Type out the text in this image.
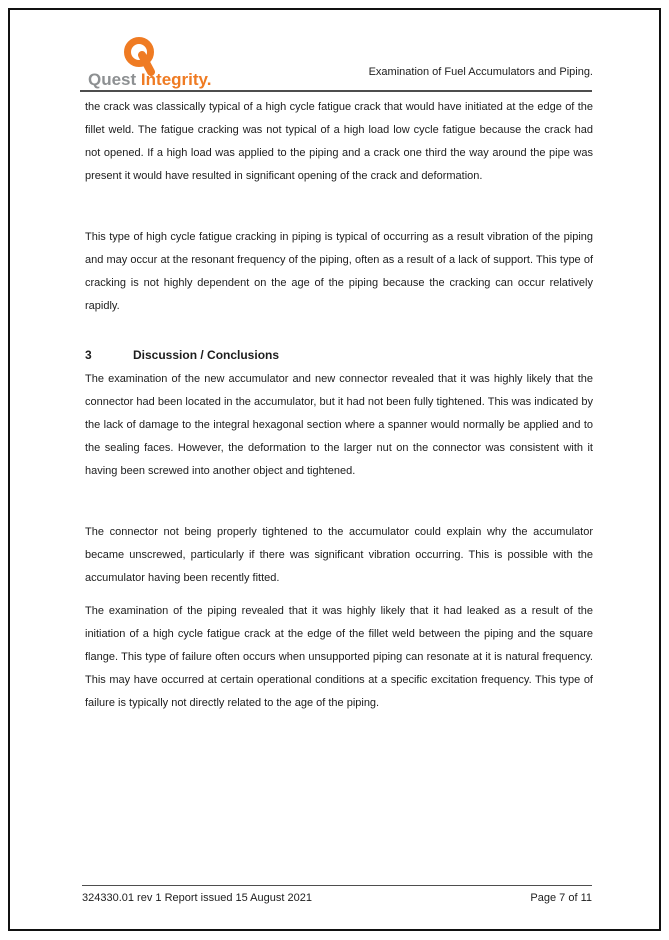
Quest Integrity.	Examination of Fuel Accumulators and Piping.
the crack was classically typical of a high cycle fatigue crack that would have initiated at the edge of the fillet weld. The fatigue cracking was not typical of a high load low cycle fatigue because the crack had not opened. If a high load was applied to the piping and a crack one third the way around the pipe was present it would have resulted in significant opening of the crack and deformation.
This type of high cycle fatigue cracking in piping is typical of occurring as a result vibration of the piping and may occur at the resonant frequency of the piping, often as a result of a lack of support. This type of cracking is not highly dependent on the age of the piping because the cracking can occur relatively rapidly.
3	Discussion / Conclusions
The examination of the new accumulator and new connector revealed that it was highly likely that the connector had been located in the accumulator, but it had not been fully tightened. This was indicated by the lack of damage to the integral hexagonal section where a spanner would normally be applied and to the sealing faces. However, the deformation to the larger nut on the connector was consistent with it having been screwed into another object and tightened.
The connector not being properly tightened to the accumulator could explain why the accumulator became unscrewed, particularly if there was significant vibration occurring. This is possible with the accumulator having been recently fitted.
The examination of the piping revealed that it was highly likely that it had leaked as a result of the initiation of a high cycle fatigue crack at the edge of the fillet weld between the piping and the square flange. This type of failure often occurs when unsupported piping can resonate at it is natural frequency. This may have occurred at certain operational conditions at a specific excitation frequency. This type of failure is typically not directly related to the age of the piping.
324330.01 rev 1 Report issued 15 August 2021	Page 7 of 11
